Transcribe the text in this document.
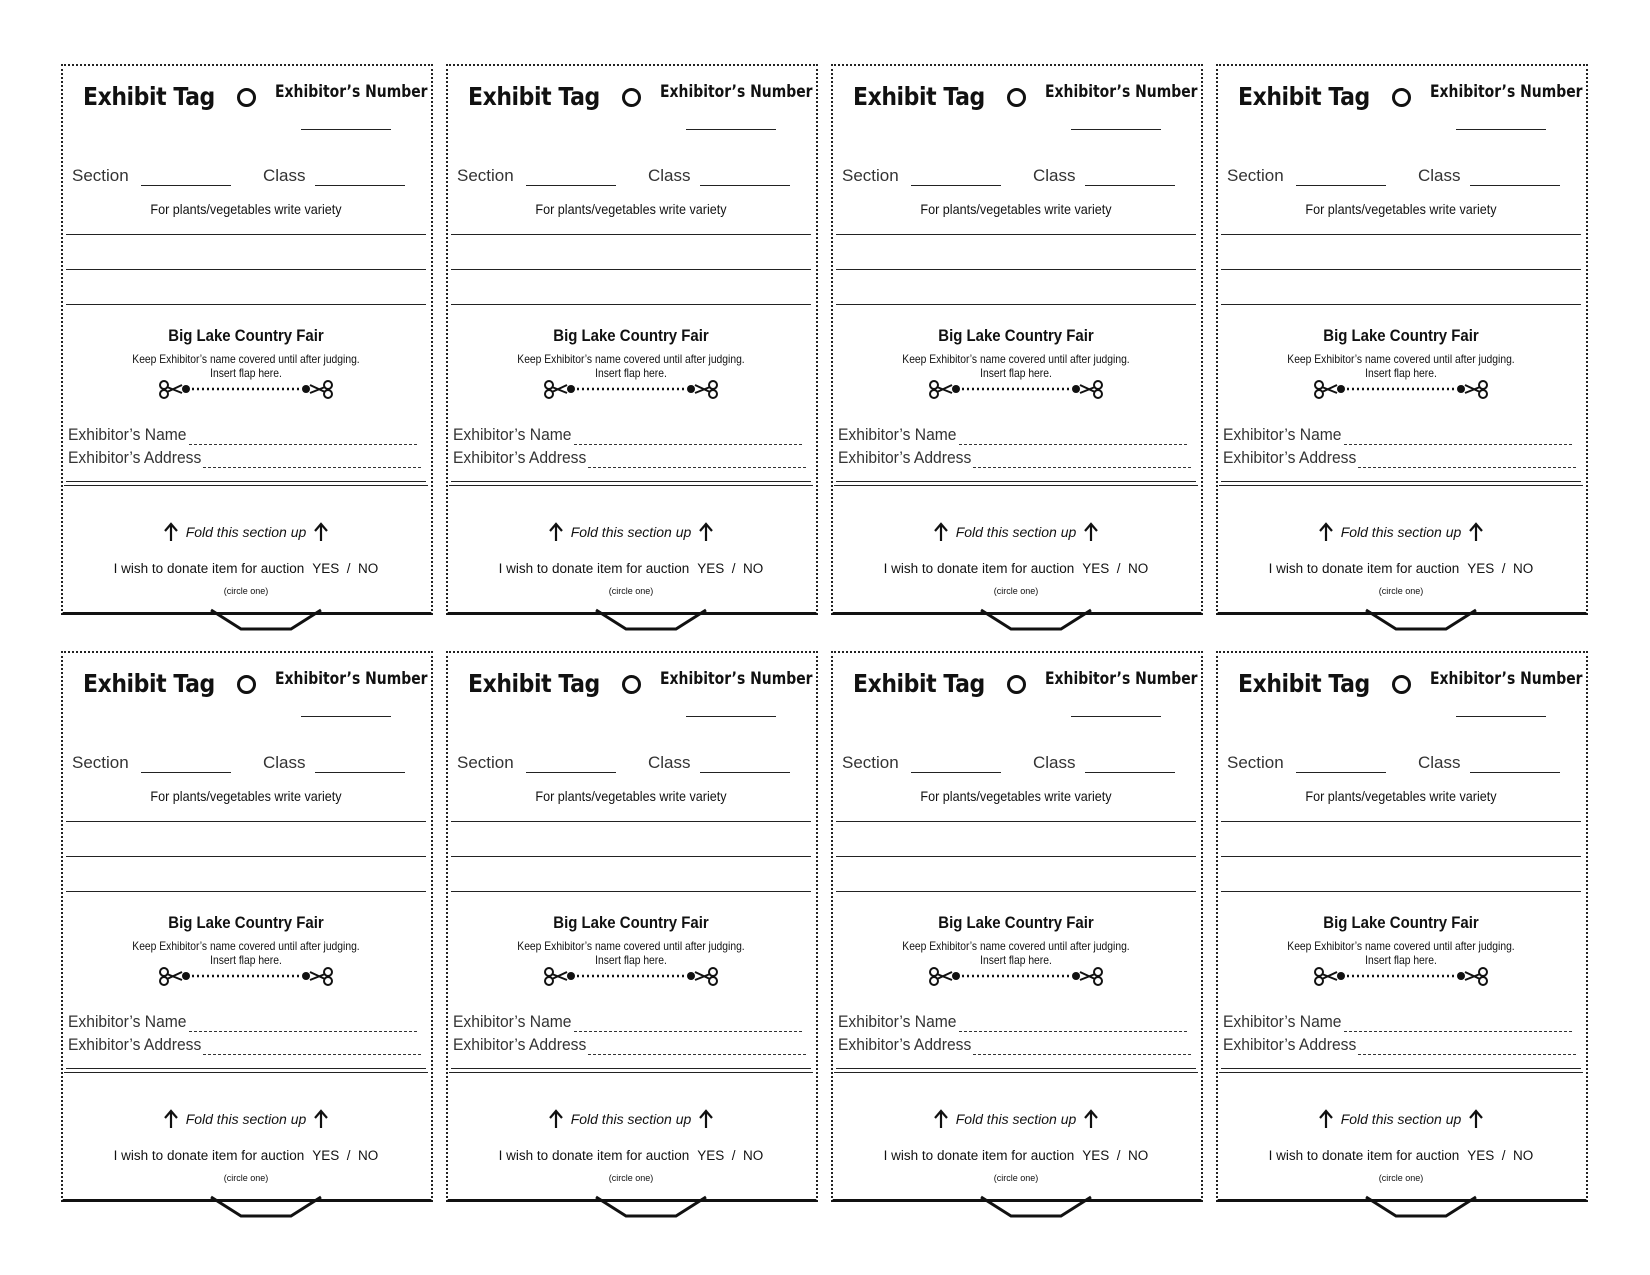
Exhibit Tag	Exhibitor’s Number
Section	Class
For plants/vegetables write variety
Big Lake Country Fair
Keep Exhibitor’s name covered until after judging.
Insert flap here.
Exhibitor’s Name
Exhibitor’s Address
Fold this section up
I wish to donate item for auction YES  /  NO
(circle one)
Exhibit Tag	Exhibitor’s Number
Section	Class
For plants/vegetables write variety
Big Lake Country Fair
Keep Exhibitor’s name covered until after judging.
Insert flap here.
Exhibitor’s Name
Exhibitor’s Address
Fold this section up
I wish to donate item for auction YES  /  NO
(circle one)
Exhibit Tag	Exhibitor’s Number
Section	Class
For plants/vegetables write variety
Big Lake Country Fair
Keep Exhibitor’s name covered until after judging.
Insert flap here.
Exhibitor’s Name
Exhibitor’s Address
Fold this section up
I wish to donate item for auction YES  /  NO
(circle one)
Exhibit Tag	Exhibitor’s Number
Section	Class
For plants/vegetables write variety
Big Lake Country Fair
Keep Exhibitor’s name covered until after judging.
Insert flap here.
Exhibitor’s Name
Exhibitor’s Address
Fold this section up
I wish to donate item for auction YES  /  NO
(circle one)
Exhibit Tag	Exhibitor’s Number
Section	Class
For plants/vegetables write variety
Big Lake Country Fair
Keep Exhibitor’s name covered until after judging.
Insert flap here.
Exhibitor’s Name
Exhibitor’s Address
Fold this section up
I wish to donate item for auction YES  /  NO
(circle one)
Exhibit Tag	Exhibitor’s Number
Section	Class
For plants/vegetables write variety
Big Lake Country Fair
Keep Exhibitor’s name covered until after judging.
Insert flap here.
Exhibitor’s Name
Exhibitor’s Address
Fold this section up
I wish to donate item for auction YES  /  NO
(circle one)
Exhibit Tag	Exhibitor’s Number
Section	Class
For plants/vegetables write variety
Big Lake Country Fair
Keep Exhibitor’s name covered until after judging.
Insert flap here.
Exhibitor’s Name
Exhibitor’s Address
Fold this section up
I wish to donate item for auction YES  /  NO
(circle one)
Exhibit Tag	Exhibitor’s Number
Section	Class
For plants/vegetables write variety
Big Lake Country Fair
Keep Exhibitor’s name covered until after judging.
Insert flap here.
Exhibitor’s Name
Exhibitor’s Address
Fold this section up
I wish to donate item for auction YES  /  NO
(circle one)
